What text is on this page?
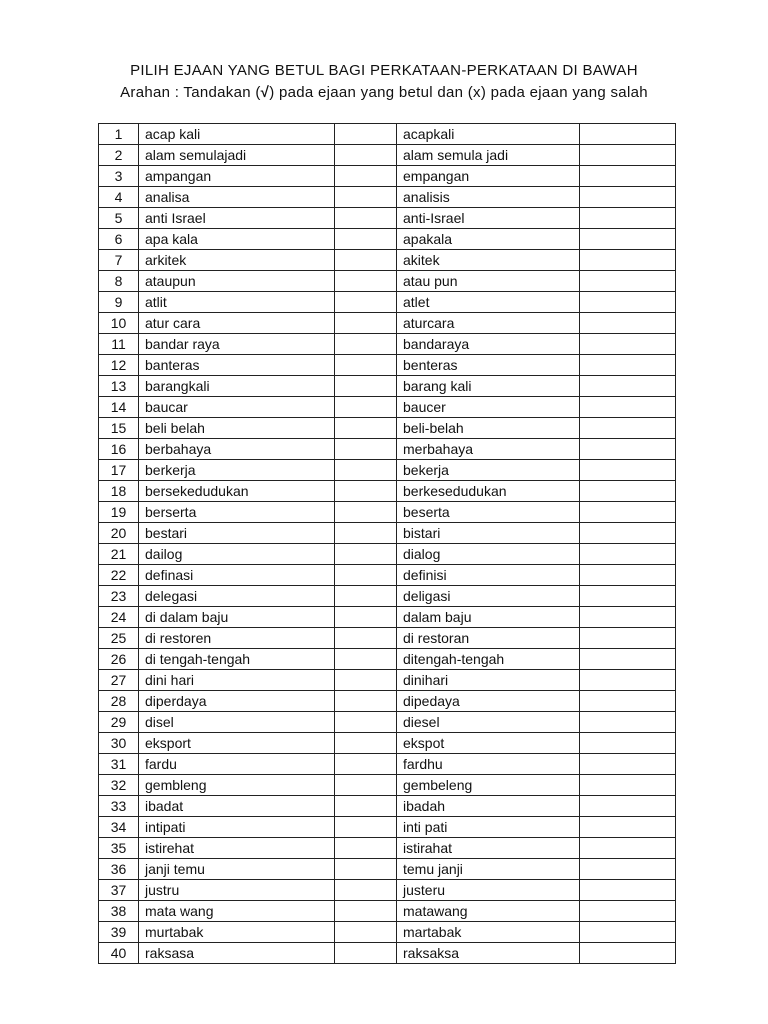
PILIH EJAAN YANG BETUL BAGI PERKATAAN-PERKATAAN DI BAWAH
Arahan : Tandakan (√) pada ejaan yang betul dan (x) pada ejaan yang salah
1	acap kali		acapkali	
2	alam semulajadi		alam semula jadi	
3	ampangan		empangan	
4	analisa		analisis	
5	anti Israel		anti-Israel	
6	apa kala		apakala	
7	arkitek		akitek	
8	ataupun		atau pun	
9	atlit		atlet	
10	atur cara		aturcara	
11	bandar raya		bandaraya	
12	banteras		benteras	
13	barangkali		barang kali	
14	baucar		baucer	
15	beli belah		beli-belah	
16	berbahaya		merbahaya	
17	berkerja		bekerja	
18	bersekedudukan		berkesedudukan	
19	berserta		beserta	
20	bestari		bistari	
21	dailog		dialog	
22	definasi		definisi	
23	delegasi		deligasi	
24	di dalam baju		dalam baju	
25	di restoren		di restoran	
26	di tengah-tengah		ditengah-tengah	
27	dini hari		dinihari	
28	diperdaya		dipedaya	
29	disel		diesel	
30	eksport		ekspot	
31	fardu		fardhu	
32	gembleng		gembeleng	
33	ibadat		ibadah	
34	intipati		inti pati	
35	istirehat		istirahat	
36	janji temu		temu janji	
37	justru		justeru	
38	mata wang		matawang	
39	murtabak		martabak	
40	raksasa		raksaksa	
